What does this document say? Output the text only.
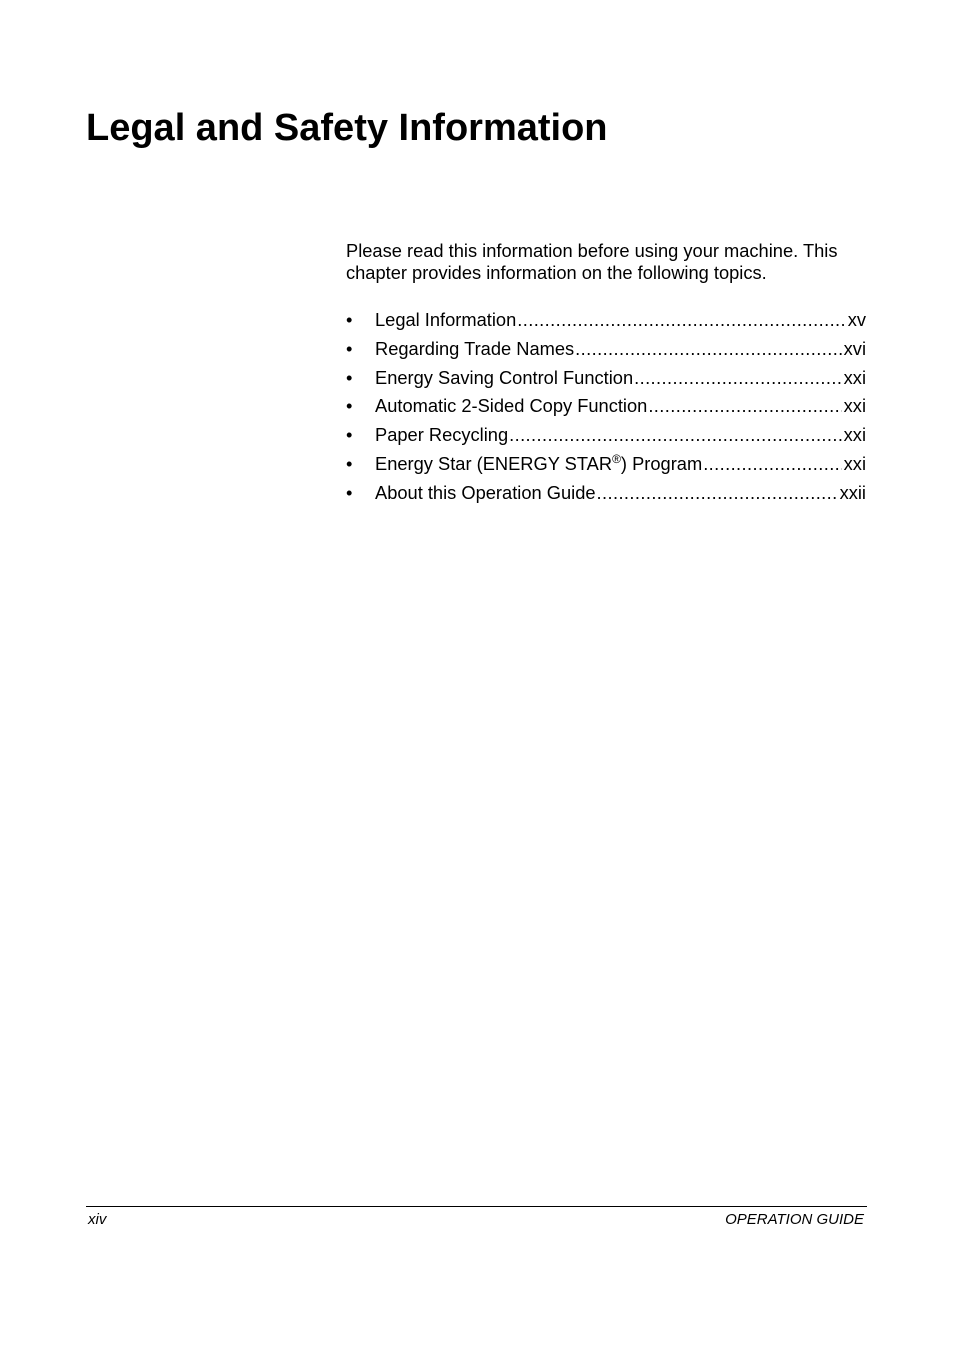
Legal and Safety Information

Please read this information before using your machine. This chapter provides information on the following topics.

•	Legal Information .....	xv
•	Regarding Trade Names .....	xvi
•	Energy Saving Control Function .....	xxi
•	Automatic 2-Sided Copy Function .....	xxi
•	Paper Recycling .....	xxi
•	Energy Star (ENERGY STAR®) Program .....	xxi
•	About this Operation Guide .....	xxii
xiv	OPERATION GUIDE
